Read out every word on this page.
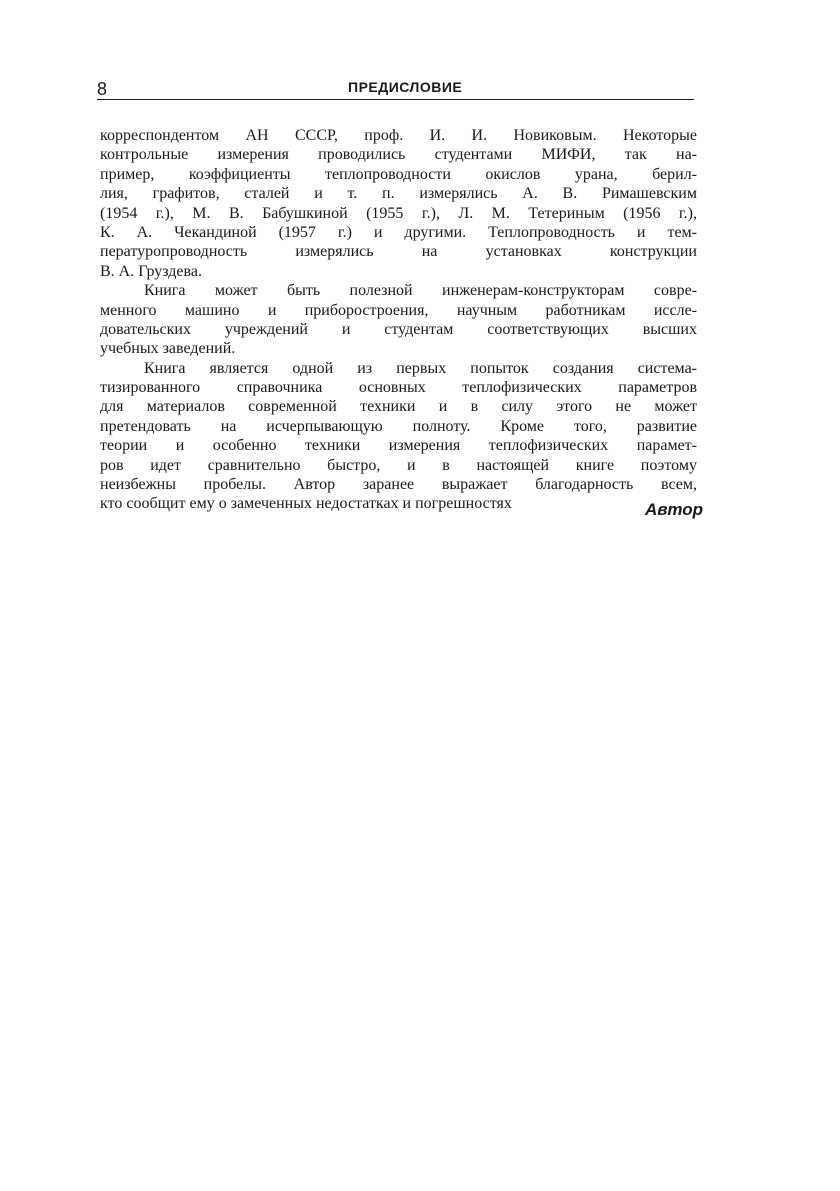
8	ПРЕДИСЛОВИЕ
корреспондентом АН СССР, проф. И. И. Новиковым. Некоторые
контрольные измерения проводились студентами МИФИ, так на-
пример, коэффициенты теплопроводности окислов урана, берил-
лия, графитов, сталей и т. п. измерялись А. В. Римашевским
(1954 г.), М. В. Бабушкиной (1955 г.), Л. М. Тетериным (1956 г.),
К. А. Чекандиной (1957 г.) и другими. Теплопроводность и тем-
пературопроводность измерялись на установках конструкции
В. А. Груздева.
Книга может быть полезной инженерам-конструкторам совре-
менного машино и приборостроения, научным работникам иссле-
довательских учреждений и студентам соответствующих высших
учебных заведений.
Книга является одной из первых попыток создания система-
тизированного справочника основных теплофизических параметров
для материалов современной техники и в силу этого не может
претендовать на исчерпывающую полноту. Кроме того, развитие
теории и особенно техники измерения теплофизических парамет-
ров идет сравнительно быстро, и в настоящей книге поэтому
неизбежны пробелы. Автор заранее выражает благодарность всем,
кто сообщит ему о замеченных недостатках и погрешностях	Автор
